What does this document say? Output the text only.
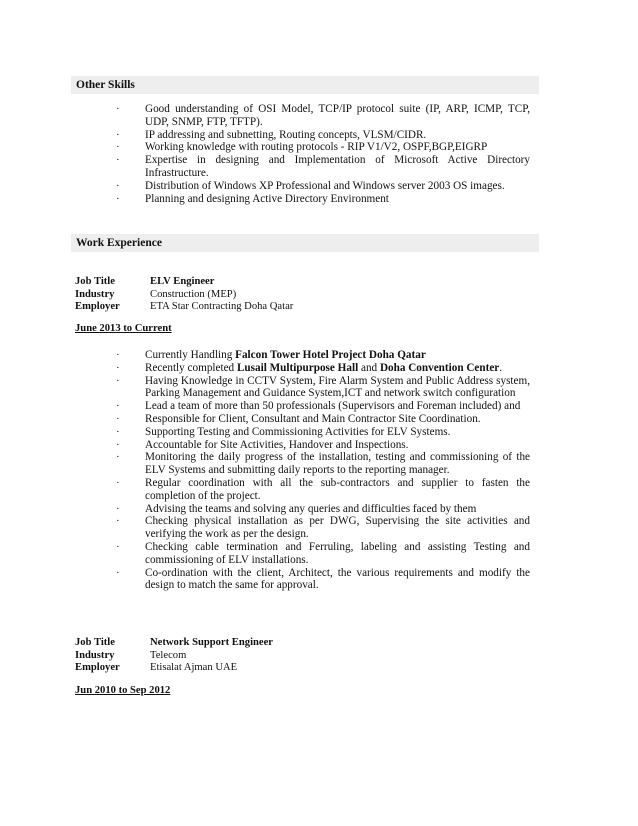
Other Skills
· Good understanding of OSI Model, TCP/IP protocol suite (IP, ARP, ICMP, TCP, UDP, SNMP, FTP, TFTP).
· IP addressing and subnetting, Routing concepts, VLSM/CIDR.
· Working knowledge with routing protocols - RIP V1/V2, OSPF,BGP,EIGRP
· Expertise in designing and Implementation of Microsoft Active Directory Infrastructure.
· Distribution of Windows XP Professional and Windows server 2003 OS images.
· Planning and designing Active Directory Environment
Work Experience
Job Title	ELV Engineer
Industry	Construction (MEP)
Employer	ETA Star Contracting Doha Qatar
June 2013 to Current
· Currently Handling Falcon Tower Hotel Project Doha Qatar
· Recently completed Lusail Multipurpose Hall and Doha Convention Center.
· Having Knowledge in CCTV System, Fire Alarm System and Public Address system, Parking Management and Guidance System,ICT and network switch configuration
· Lead a team of more than 50 professionals (Supervisors and Foreman included) and
· Responsible for Client, Consultant and Main Contractor Site Coordination.
· Supporting Testing and Commissioning Activities for ELV Systems.
· Accountable for Site Activities, Handover and Inspections.
· Monitoring the daily progress of the installation, testing and commissioning of the ELV Systems and submitting daily reports to the reporting manager.
· Regular coordination with all the sub-contractors and supplier to fasten the completion of the project.
· Advising the teams and solving any queries and difficulties faced by them
· Checking physical installation as per DWG, Supervising the site activities and verifying the work as per the design.
· Checking cable termination and Ferruling, labeling and assisting Testing and commissioning of ELV installations.
· Co-ordination with the client, Architect, the various requirements and modify the design to match the same for approval.
Job Title	Network Support Engineer
Industry	Telecom
Employer	Etisalat Ajman UAE
Jun 2010 to Sep 2012
